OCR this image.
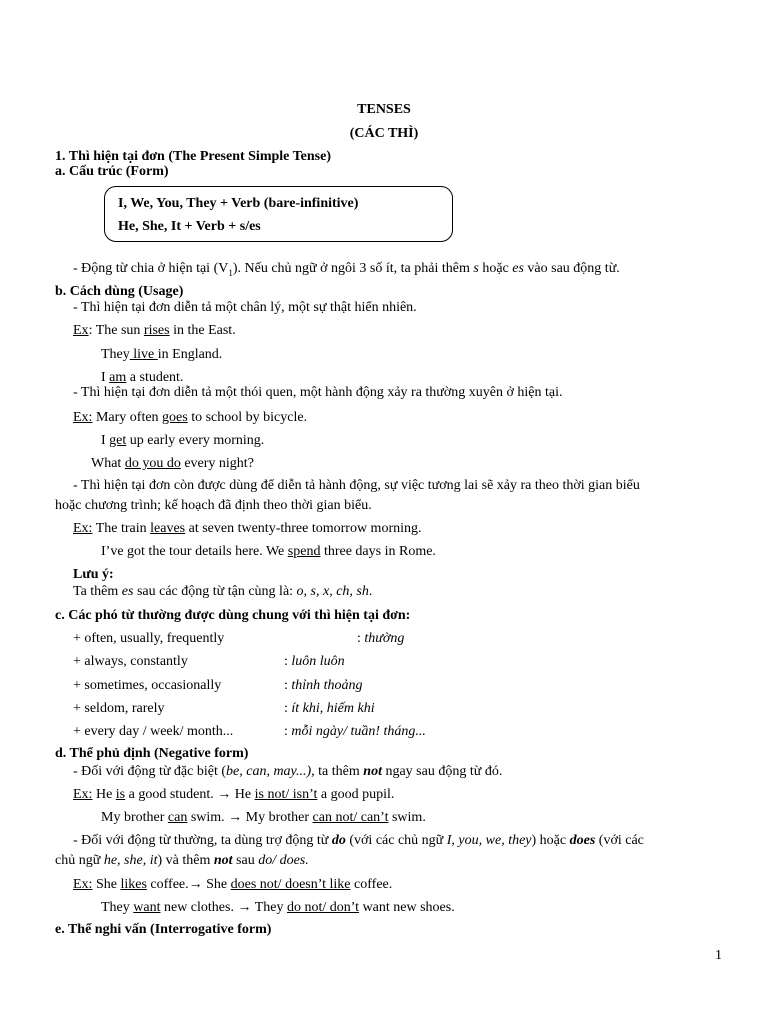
TENSES
(CÁC THÌ)
1. Thì hiện tại đơn (The Present Simple Tense)
a. Cấu trúc (Form)
I, We, You, They + Verb (bare-infinitive)
He, She, It + Verb + s/es
- Động từ chia ở hiện tại $(V_1)$. Nếu chủ ngữ ở ngôi 3 số ít, ta phải thêm s hoặc es vào sau động từ.
b. Cách dùng (Usage)
- Thì hiện tại đơn diễn tả một chân lý, một sự thật hiển nhiên.
Ex: The sun rises in the East.
They live in England.
I am a student.
- Thì hiện tại đơn diễn tả một thói quen, một hành động xảy ra thường xuyên ở hiện tại.
Ex: Mary often goes to school by bicycle.
I get up early every morning.
What do you do every night?
- Thì hiện tại đơn còn được dùng để diễn tả hành động, sự việc tương lai sẽ xảy ra theo thời gian biểu
hoặc chương trình; kế hoạch đã định theo thời gian biểu.
Ex: The train leaves at seven twenty-three tomorrow morning.
I’ve got the tour details here. We spend three days in Rome.
Lưu ý:
Ta thêm es sau các động từ tận cùng là: o, s, x, ch, sh.
c. Các phó từ thường được dùng chung với thì hiện tại đơn:
+ often, usually, frequently	: thường
+ always, constantly	: luôn luôn
+ sometimes, occasionally	: thỉnh thoảng
+ seldom, rarely	: ít khi, hiếm khi
+ every day / week/ month...	: mỗi ngày/ tuần! tháng...
d. Thể phủ định (Negative form)
- Đối với động từ đặc biệt (be, can, may...), ta thêm not ngay sau động từ đó.
Ex: He is a good student. → He is not/ isn’t a good pupil.
My brother can swim. → My brother can not/ can’t swim.
- Đối với động từ thường, ta dùng trợ động từ do (với các chủ ngữ I, you, we, they) hoặc does (với các
chủ ngữ he, she, it) và thêm not sau do/ does.
Ex: She likes coffee.→ She does not/ doesn’t like coffee.
They want new clothes. → They do not/ don’t want new shoes.
e. Thể nghi vấn (Interrogative form)
1
